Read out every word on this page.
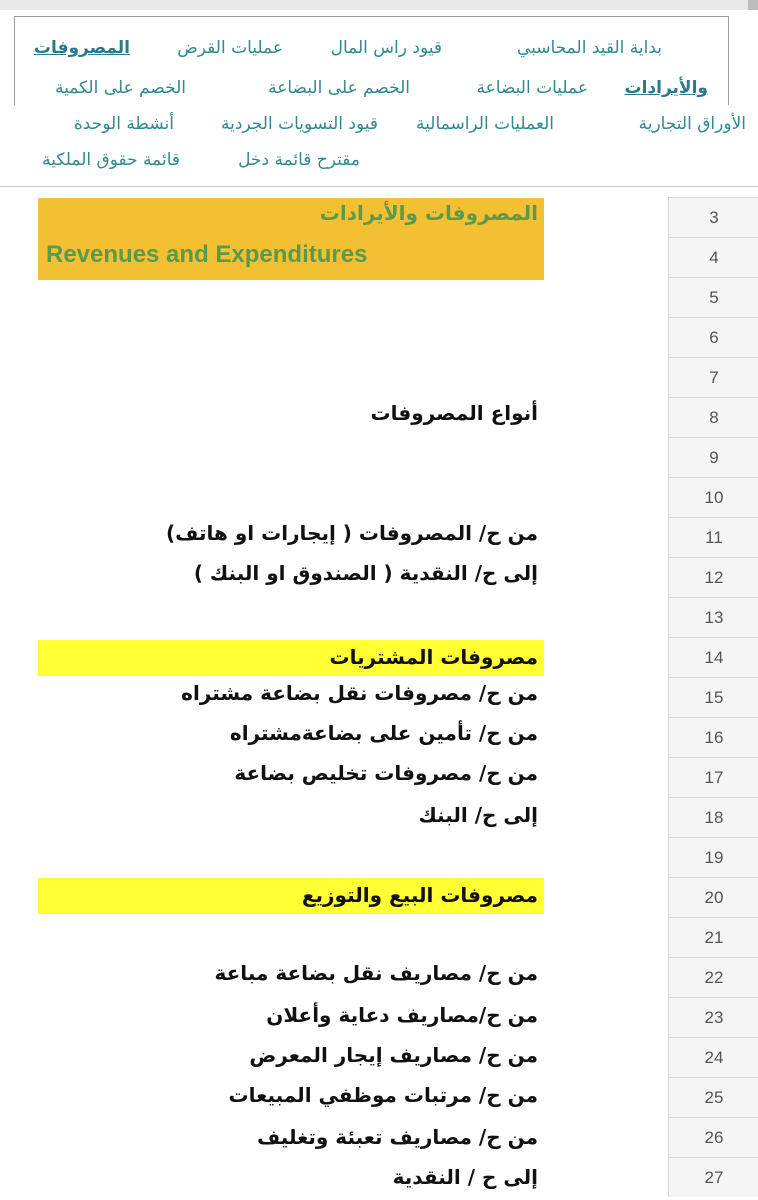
بداية القيد المحاسبي
قيود راس المال
عمليات القرض
المصروفات
والأيرادات
عمليات البضاعة
الخصم على البضاعة
الخصم على الكمية
الأوراق التجارية
العمليات الراسمالية
قيود التسويات الجردية
أنشطة الوحدة
مقترح قائمة دخل
قائمة حقوق الملكية
المصروفات والأيرادات
Revenues and Expenditures
أنواع المصروفات
من ح/ المصروفات ( إيجارات او هاتف)
إلى ح/ النقدية ( الصندوق او البنك )
مصروفات المشتريات
من ح/ مصروفات نقل بضاعة مشتراه
من ح/ تأمين على بضاعةمشتراه
من ح/ مصروفات تخليص بضاعة
إلى ح/ البنك
مصروفات البيع والتوزيع
من ح/ مصاريف نقل بضاعة مباعة
من ح/مصاريف دعاية وأعلان
من ح/ مصاريف إيجار المعرض
من ح/ مرتبات موظفي المبيعات
من ح/ مصاريف تعبئة وتغليف
إلى ح / النقدية
3
4
5
6
7
8
9
10
11
12
13
14
15
16
17
18
19
20
21
22
23
24
25
26
27
